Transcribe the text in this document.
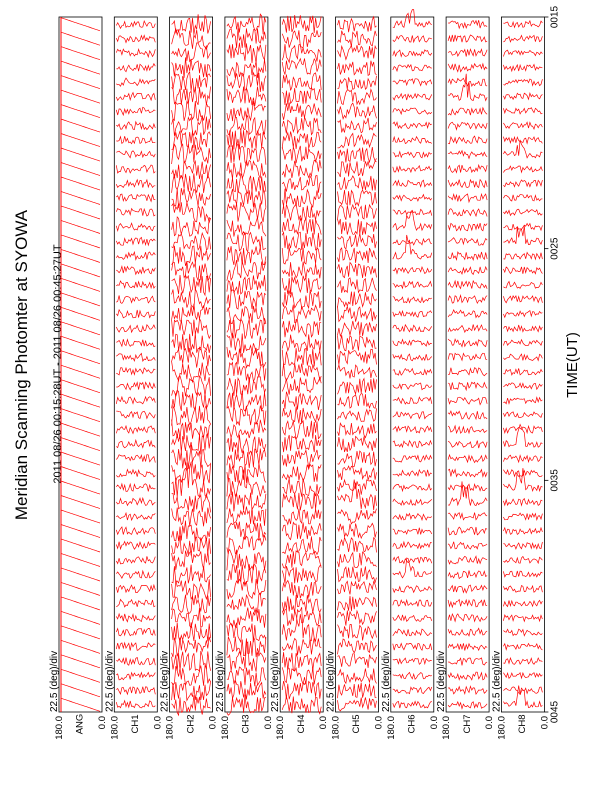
Meridian Scanning Photomter at SYOWA 2011 08/26 00:15:28UT - 2011 08/26 00:45:27UT	TIME(UT)
22.5 (deg)/div
ANG
180.0	0.0
22.5 (deg)/div
CH1
180.0	0.0
22.5 (deg)/div
CH2
180.0	0.0
22.5 (deg)/div
CH3
180.0	0.0
22.5 (deg)/div
CH4
180.0	0.0
22.5 (deg)/div
CH5
180.0	0.0
22.5 (deg)/div
CH6
180.0	0.0
22.5 (deg)/div
CH7
180.0	0.0
22.5 (deg)/div
CH8
180.0	0.0
0015
0025
0035
0045
